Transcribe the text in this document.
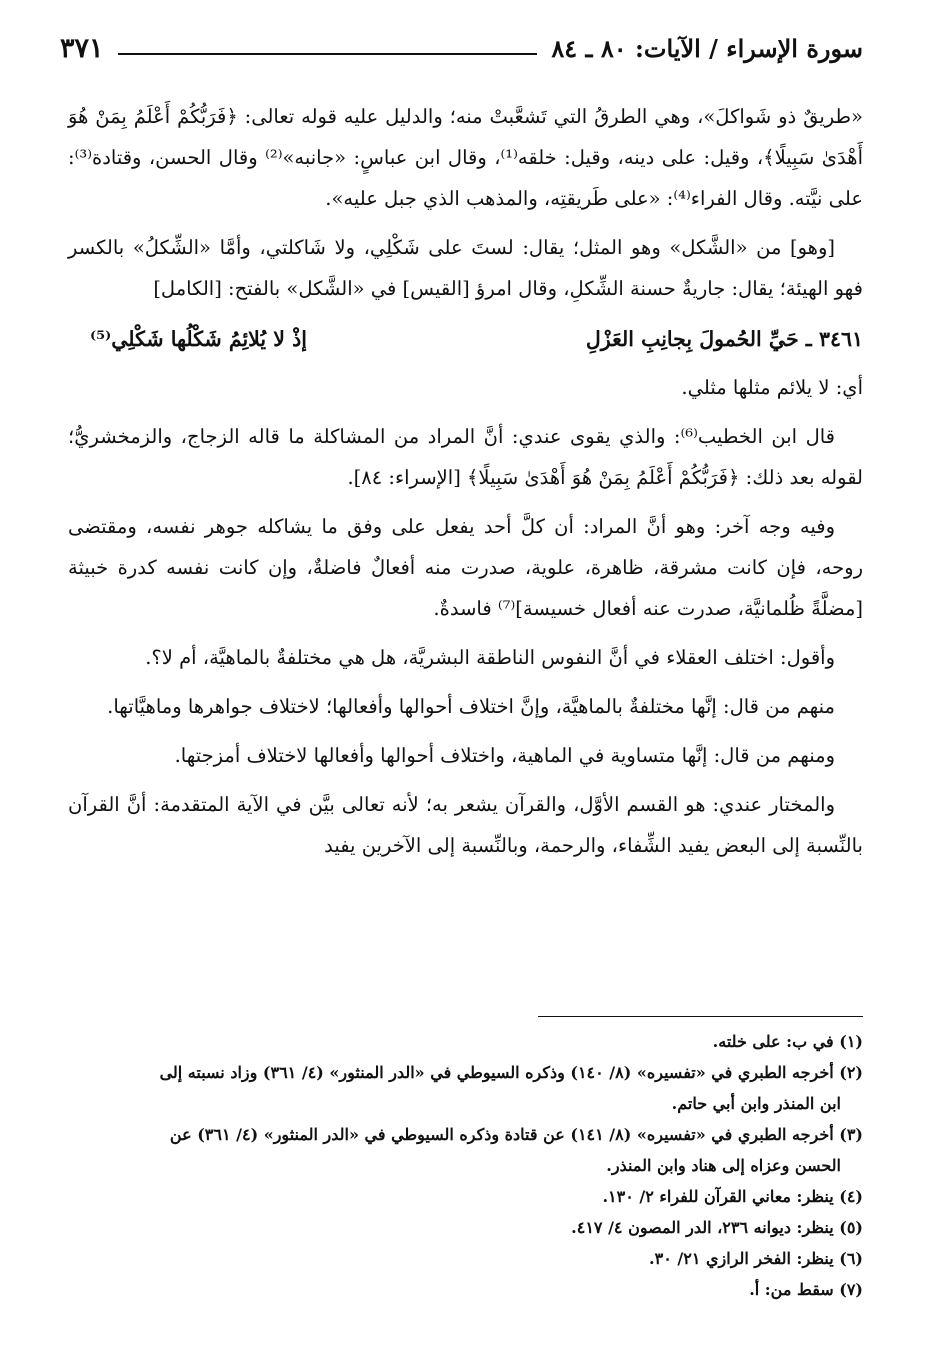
سورة الإسراء / الآيات: ٨٠ ـ ٨٤
٣٧١

«طريقٌ ذو شَواكلَ»، وهي الطرقُ التي تَشعَّبتْ منه؛ والدليل عليه قوله تعالى: ﴿فَرَبُّكُمْ أَعْلَمُ بِمَنْ هُوَ أَهْدَىٰ سَبِيلًا﴾، وقيل: على دينه، وقيل: خلقه⁽¹⁾، وقال ابن عباسٍ: «جانبه»⁽²⁾ وقال الحسن، وقتادة⁽³⁾: على نيَّته. وقال الفراء⁽⁴⁾: «على طَريقتِه، والمذهب الذي جبل عليه».

[وهو] من «الشَّكل» وهو المثل؛ يقال: لستَ على شَكْلِي، ولا شَاكلتي، وأمَّا «الشِّكلُ» بالكسر فهو الهيئة؛ يقال: جاريةٌ حسنة الشِّكلِ، وقال امرؤ [القيس] في «الشَّكل» بالفتح: [الكامل]

٣٤٦١ ـ حَيِّ الحُمولَ بِجانِبِ العَزْلِ
إذْ لا يُلائِمُ شَكْلُها شَكْلِي⁽⁵⁾

أي: لا يلائم مثلها مثلي.

قال ابن الخطيب⁽⁶⁾: والذي يقوى عندي: أنَّ المراد من المشاكلة ما قاله الزجاج، والزمخشريُّ؛ لقوله بعد ذلك: ﴿فَرَبُّكُمْ أَعْلَمُ بِمَنْ هُوَ أَهْدَىٰ سَبِيلًا﴾ [الإسراء: ٨٤].

وفيه وجه آخر: وهو أنَّ المراد: أن كلَّ أحد يفعل على وفق ما يشاكله جوهر نفسه، ومقتضى روحه، فإن كانت مشرقة، ظاهرة، علوية، صدرت منه أفعالٌ فاضلةٌ، وإن كانت نفسه كدرة خبيثة [مضلَّةً ظُلمانيَّة، صدرت عنه أفعال خسيسة]⁽⁷⁾ فاسدةٌ.

وأقول: اختلف العقلاء في أنَّ النفوس الناطقة البشريَّة، هل هي مختلفةٌ بالماهيَّة، أم لا؟.

منهم من قال: إنَّها مختلفةٌ بالماهيَّة، وإنَّ اختلاف أحوالها وأفعالها؛ لاختلاف جواهرها وماهيَّاتها.

ومنهم من قال: إنَّها متساوية في الماهية، واختلاف أحوالها وأفعالها لاختلاف أمزجتها.

والمختار عندي: هو القسم الأوَّل، والقرآن يشعر به؛ لأنه تعالى بيَّن في الآية المتقدمة: أنَّ القرآن بالنِّسبة إلى البعض يفيد الشِّفاء، والرحمة، وبالنِّسبة إلى الآخرين يفيد

(١) في ب: على خلته.

(٢) أخرجه الطبري في «تفسيره» (٨/ ١٤٠) وذكره السيوطي في «الدر المنثور» (٤/ ٣٦١) وزاد نسبته إلى

ابن المنذر وابن أبي حاتم.

(٣) أخرجه الطبري في «تفسيره» (٨/ ١٤١) عن قتادة وذكره السيوطي في «الدر المنثور» (٤/ ٣٦١) عن

الحسن وعزاه إلى هناد وابن المنذر.

(٤) ينظر: معاني القرآن للفراء ٢/ ١٣٠.

(٥) ينظر: ديوانه ٢٣٦، الدر المصون ٤/ ٤١٧.

(٦) ينظر: الفخر الرازي ٢١/ ٣٠.

(٧) سقط من: أ.
